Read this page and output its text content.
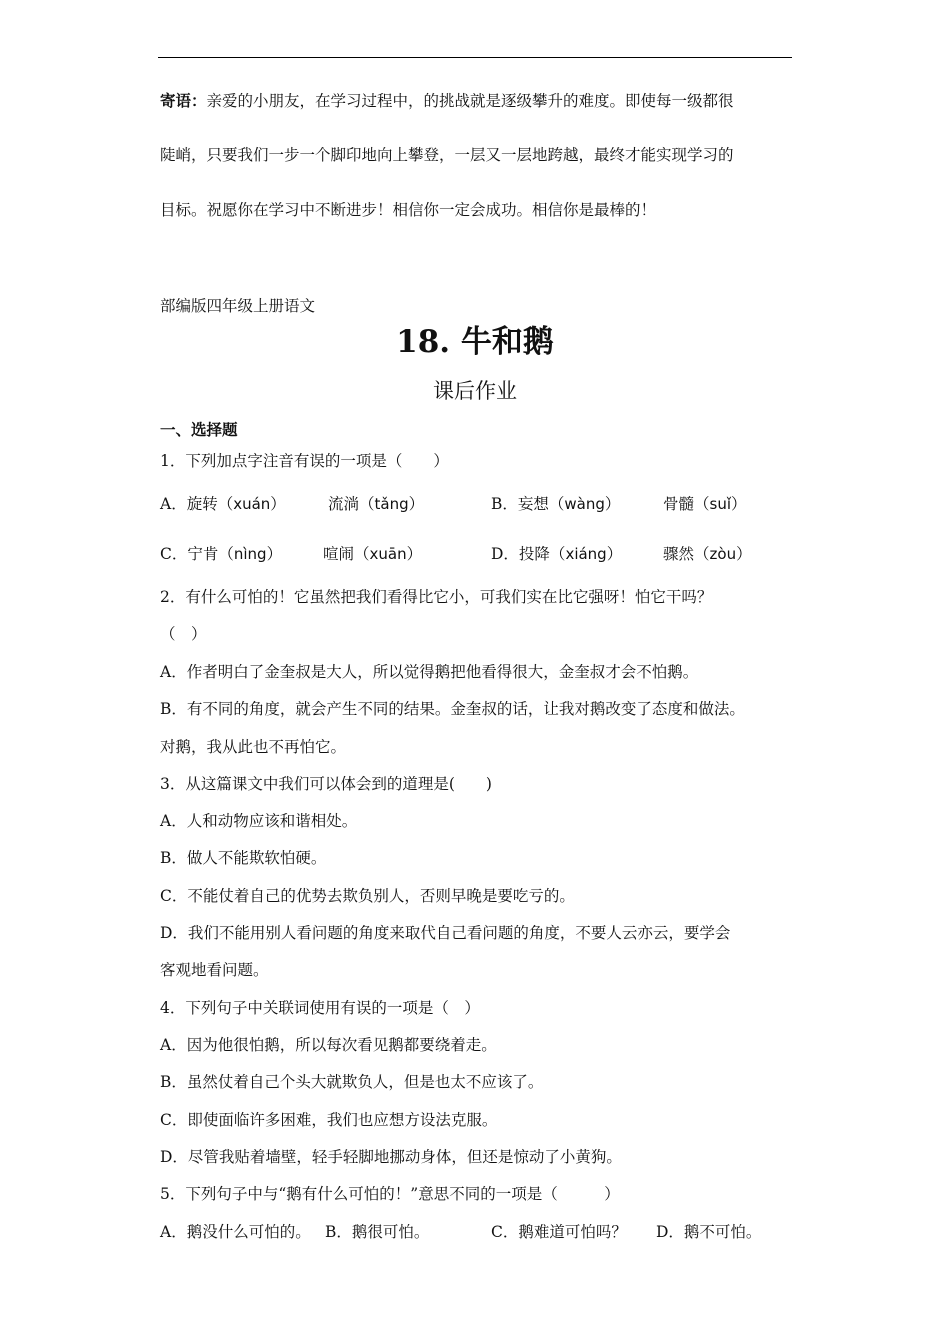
寄语：亲爱的小朋友，在学习过程中，的挑战就是逐级攀升的难度。即使每一级都很
陡峭，只要我们一步一个脚印地向上攀登，一层又一层地跨越，最终才能实现学习的
目标。祝愿你在学习中不断进步！相信你一定会成功。相信你是最棒的！
部编版四年级上册语文
18. 牛和鹅
课后作业
一、选择题
1．下列加点字注音有误的一项是（　　）
A．旋转（xuán）	流淌（tǎng）	B．妄想（wàng）	骨髓（suǐ）
C．宁肯（nìng）	喧闹（xuān）	D．投降（xiáng）	骤然（zòu）
2．有什么可怕的！它虽然把我们看得比它小，可我们实在比它强呀！怕它干吗？
（　）
A．作者明白了金奎叔是大人，所以觉得鹅把他看得很大，金奎叔才会不怕鹅。
B．有不同的角度，就会产生不同的结果。金奎叔的话，让我对鹅改变了态度和做法。
对鹅，我从此也不再怕它。
3．从这篇课文中我们可以体会到的道理是(　　)
A．人和动物应该和谐相处。
B．做人不能欺软怕硬。
C．不能仗着自己的优势去欺负别人，否则早晚是要吃亏的。
D．我们不能用别人看问题的角度来取代自己看问题的角度，不要人云亦云，要学会
客观地看问题。
4．下列句子中关联词使用有误的一项是（　）
A．因为他很怕鹅，所以每次看见鹅都要绕着走。
B．虽然仗着自己个头大就欺负人，但是也太不应该了。
C．即使面临许多困难，我们也应想方设法克服。
D．尽管我贴着墙壁，轻手轻脚地挪动身体，但还是惊动了小黄狗。
5．下列句子中与“鹅有什么可怕的！”意思不同的一项是（　　　）
A．鹅没什么可怕的。 B．鹅很可怕。	C．鹅难道可怕吗？ D．鹅不可怕。
